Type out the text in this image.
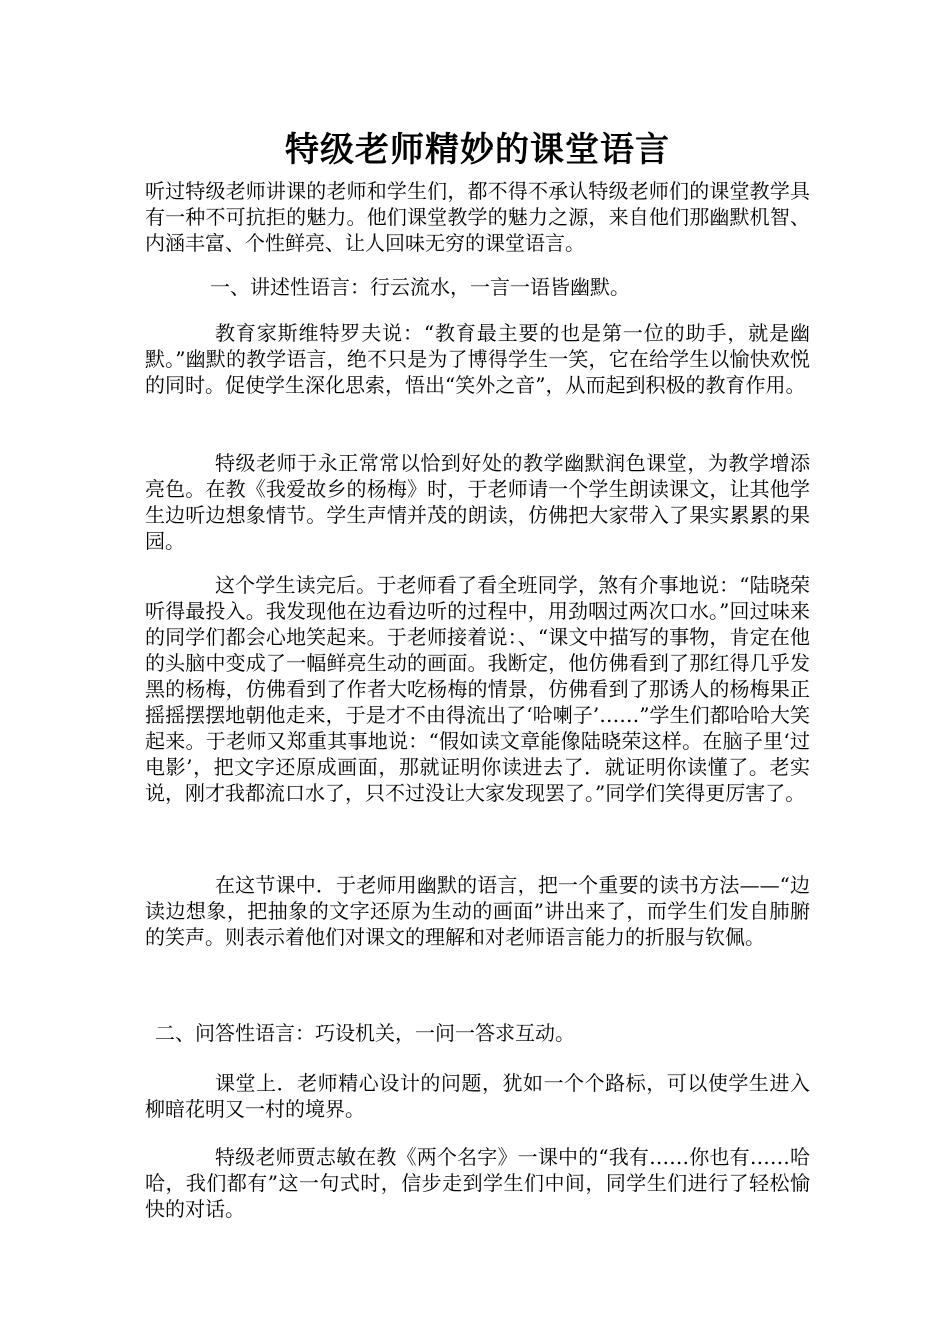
特级老师精妙的课堂语言

听过特级老师讲课的老师和学生们，都不得不承认特级老师们的课堂教学具有一种不可抗拒的魅力。他们课堂教学的魅力之源，来自他们那幽默机智、内涵丰富、个性鲜亮、让人回味无穷的课堂语言。

一、讲述性语言：行云流水，一言一语皆幽默。

教育家斯维特罗夫说：“教育最主要的也是第一位的助手，就是幽默。”幽默的教学语言，绝不只是为了博得学生一笑，它在给学生以愉快欢悦的同时。促使学生深化思索，悟出“笑外之音”，从而起到积极的教育作用。

特级老师于永正常常以恰到好处的教学幽默润色课堂，为教学增添亮色。在教《我爱故乡的杨梅》时，于老师请一个学生朗读课文，让其他学生边听边想象情节。学生声情并茂的朗读，仿佛把大家带入了果实累累的果园。

这个学生读完后。于老师看了看全班同学，煞有介事地说：“陆晓荣听得最投入。我发现他在边看边听的过程中，用劲咽过两次口水。”回过味来的同学们都会心地笑起来。于老师接着说：、“课文中描写的事物，肯定在他的头脑中变成了一幅鲜亮生动的画面。我断定，他仿佛看到了那红得几乎发黑的杨梅，仿佛看到了作者大吃杨梅的情景，仿佛看到了那诱人的杨梅果正摇摇摆摆地朝他走来，于是才不由得流出了‘哈喇子’……”学生们都哈哈大笑起来。于老师又郑重其事地说：“假如读文章能像陆晓荣这样。在脑子里‘过电影’，把文字还原成画面，那就证明你读进去了．就证明你读懂了。老实说，刚才我都流口水了，只不过没让大家发现罢了。”同学们笑得更厉害了。

在这节课中．于老师用幽默的语言，把一个重要的读书方法——“边读边想象，把抽象的文字还原为生动的画面”讲出来了，而学生们发自肺腑的笑声。则表示着他们对课文的理解和对老师语言能力的折服与钦佩。

二、问答性语言：巧设机关，一问一答求互动。

课堂上．老师精心设计的问题，犹如一个个路标，可以使学生进入柳暗花明又一村的境界。

特级老师贾志敏在教《两个名字》一课中的“我有……你也有……哈哈，我们都有”这一句式时，信步走到学生们中间，同学生们进行了轻松愉快的对话。
